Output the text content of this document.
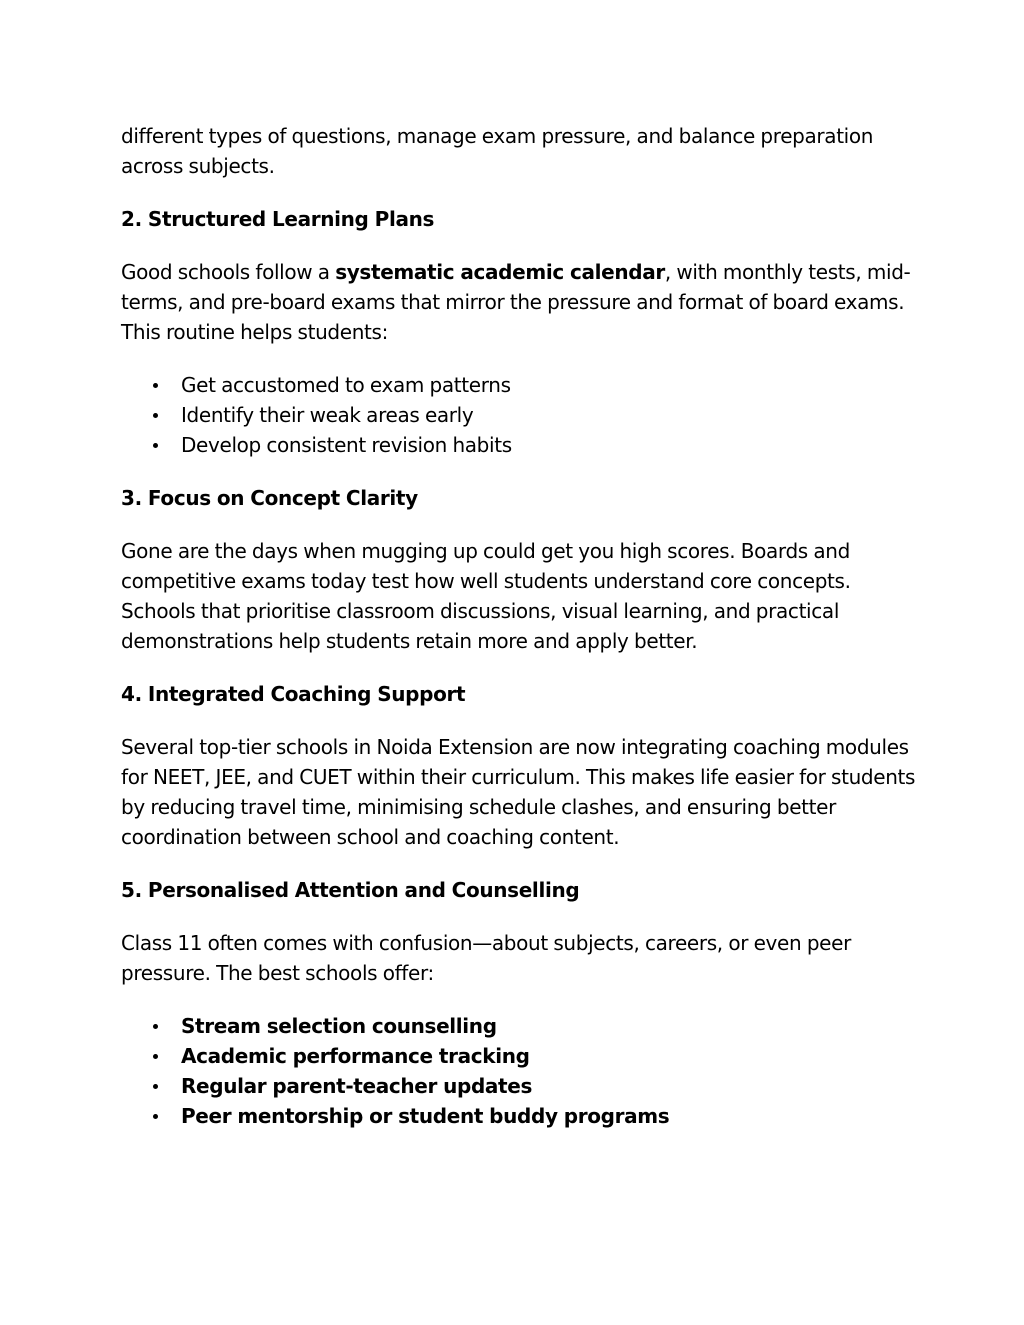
different types of questions, manage exam pressure, and balance preparation across subjects.

2. Structured Learning Plans

Good schools follow a systematic academic calendar, with monthly tests, mid-terms, and pre-board exams that mirror the pressure and format of board exams. This routine helps students:

Get accustomed to exam patterns
Identify their weak areas early
Develop consistent revision habits
3. Focus on Concept Clarity

Gone are the days when mugging up could get you high scores. Boards and competitive exams today test how well students understand core concepts. Schools that prioritise classroom discussions, visual learning, and practical demonstrations help students retain more and apply better.

4. Integrated Coaching Support

Several top-tier schools in Noida Extension are now integrating coaching modules for NEET, JEE, and CUET within their curriculum. This makes life easier for students by reducing travel time, minimising schedule clashes, and ensuring better coordination between school and coaching content.

5. Personalised Attention and Counselling

Class 11 often comes with confusion—about subjects, careers, or even peer pressure. The best schools offer:

Stream selection counselling
Academic performance tracking
Regular parent-teacher updates
Peer mentorship or student buddy programs
